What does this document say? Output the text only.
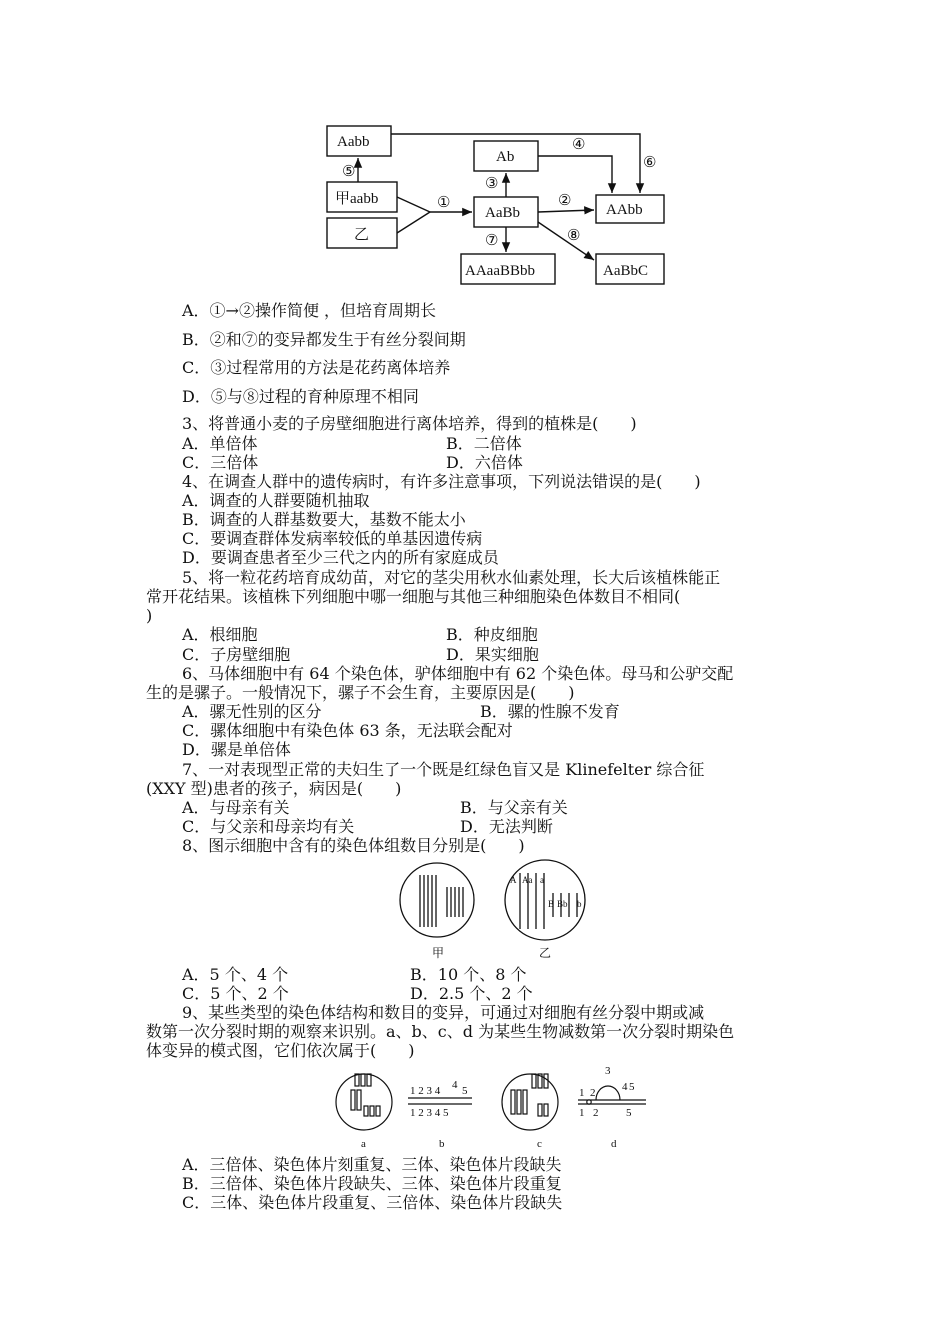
Aabb
甲aabb
乙
Ab
AaBb	AAbb
AAaaBBbb	AaBbC
①	②
③
④
⑤
⑥
⑦	⑧
A．①→②操作简便 ，但培育周期长
B．②和⑦的变异都发生于有丝分裂间期
C．③过程常用的方法是花药离体培养
D．⑤与⑧过程的育种原理不相同
3、将普通小麦的子房壁细胞进行离体培养，得到的植株是(　　)
A．单倍体	B．二倍体
C．三倍体	D．六倍体
4、在调查人群中的遗传病时，有许多注意事项，下列说法错误的是(　　)
A．调查的人群要随机抽取
B．调查的人群基数要大，基数不能太小
C．要调查群体发病率较低的单基因遗传病
D．要调查患者至少三代之内的所有家庭成员
5、将一粒花药培育成幼苗，对它的茎尖用秋水仙素处理，长大后该植株能正
常开花结果。该植株下列细胞中哪一细胞与其他三种细胞染色体数目不相同(
)
A．根细胞	B．种皮细胞
C．子房壁细胞	D．果实细胞
6、马体细胞中有 64 个染色体，驴体细胞中有 62 个染色体。母马和公驴交配
生的是骡子。一般情况下，骡子不会生育，主要原因是(　　)
A．骡无性别的区分	B．骡的性腺不发育
C．骡体细胞中有染色体 63 条，无法联会配对
D．骡是单倍体
7、一对表现型正常的夫妇生了一个既是红绿色盲又是 Klinefelter 综合征
(XXY 型)患者的孩子，病因是(　　)
A．与母亲有关	B．与父亲有关
C．与父亲和母亲均有关	D．无法判断
8、图示细胞中含有的染色体组数目分别是(　　)
A Aa a
B Bb b
甲	乙
A．5 个、4 个	B．10 个、8 个
C．5 个、2 个	D．2.5 个、2 个
9、某些类型的染色体结构和数目的变异，可通过对细胞有丝分裂中期或减
数第一次分裂时期的观察来识别。a、b、c、d 为某些生物减数第一次分裂时期染色
体变异的模式图，它们依次属于(　　)
1 2 3 4 5
4
1 2 3 4 5
1 2
3
4 5
1 2	5
a	b	c	d
A．三倍体、染色体片刻重复、三体、染色体片段缺失
B．三倍体、染色体片段缺失、三体、染色体片段重复
C．三体、染色体片段重复、三倍体、染色体片段缺失
